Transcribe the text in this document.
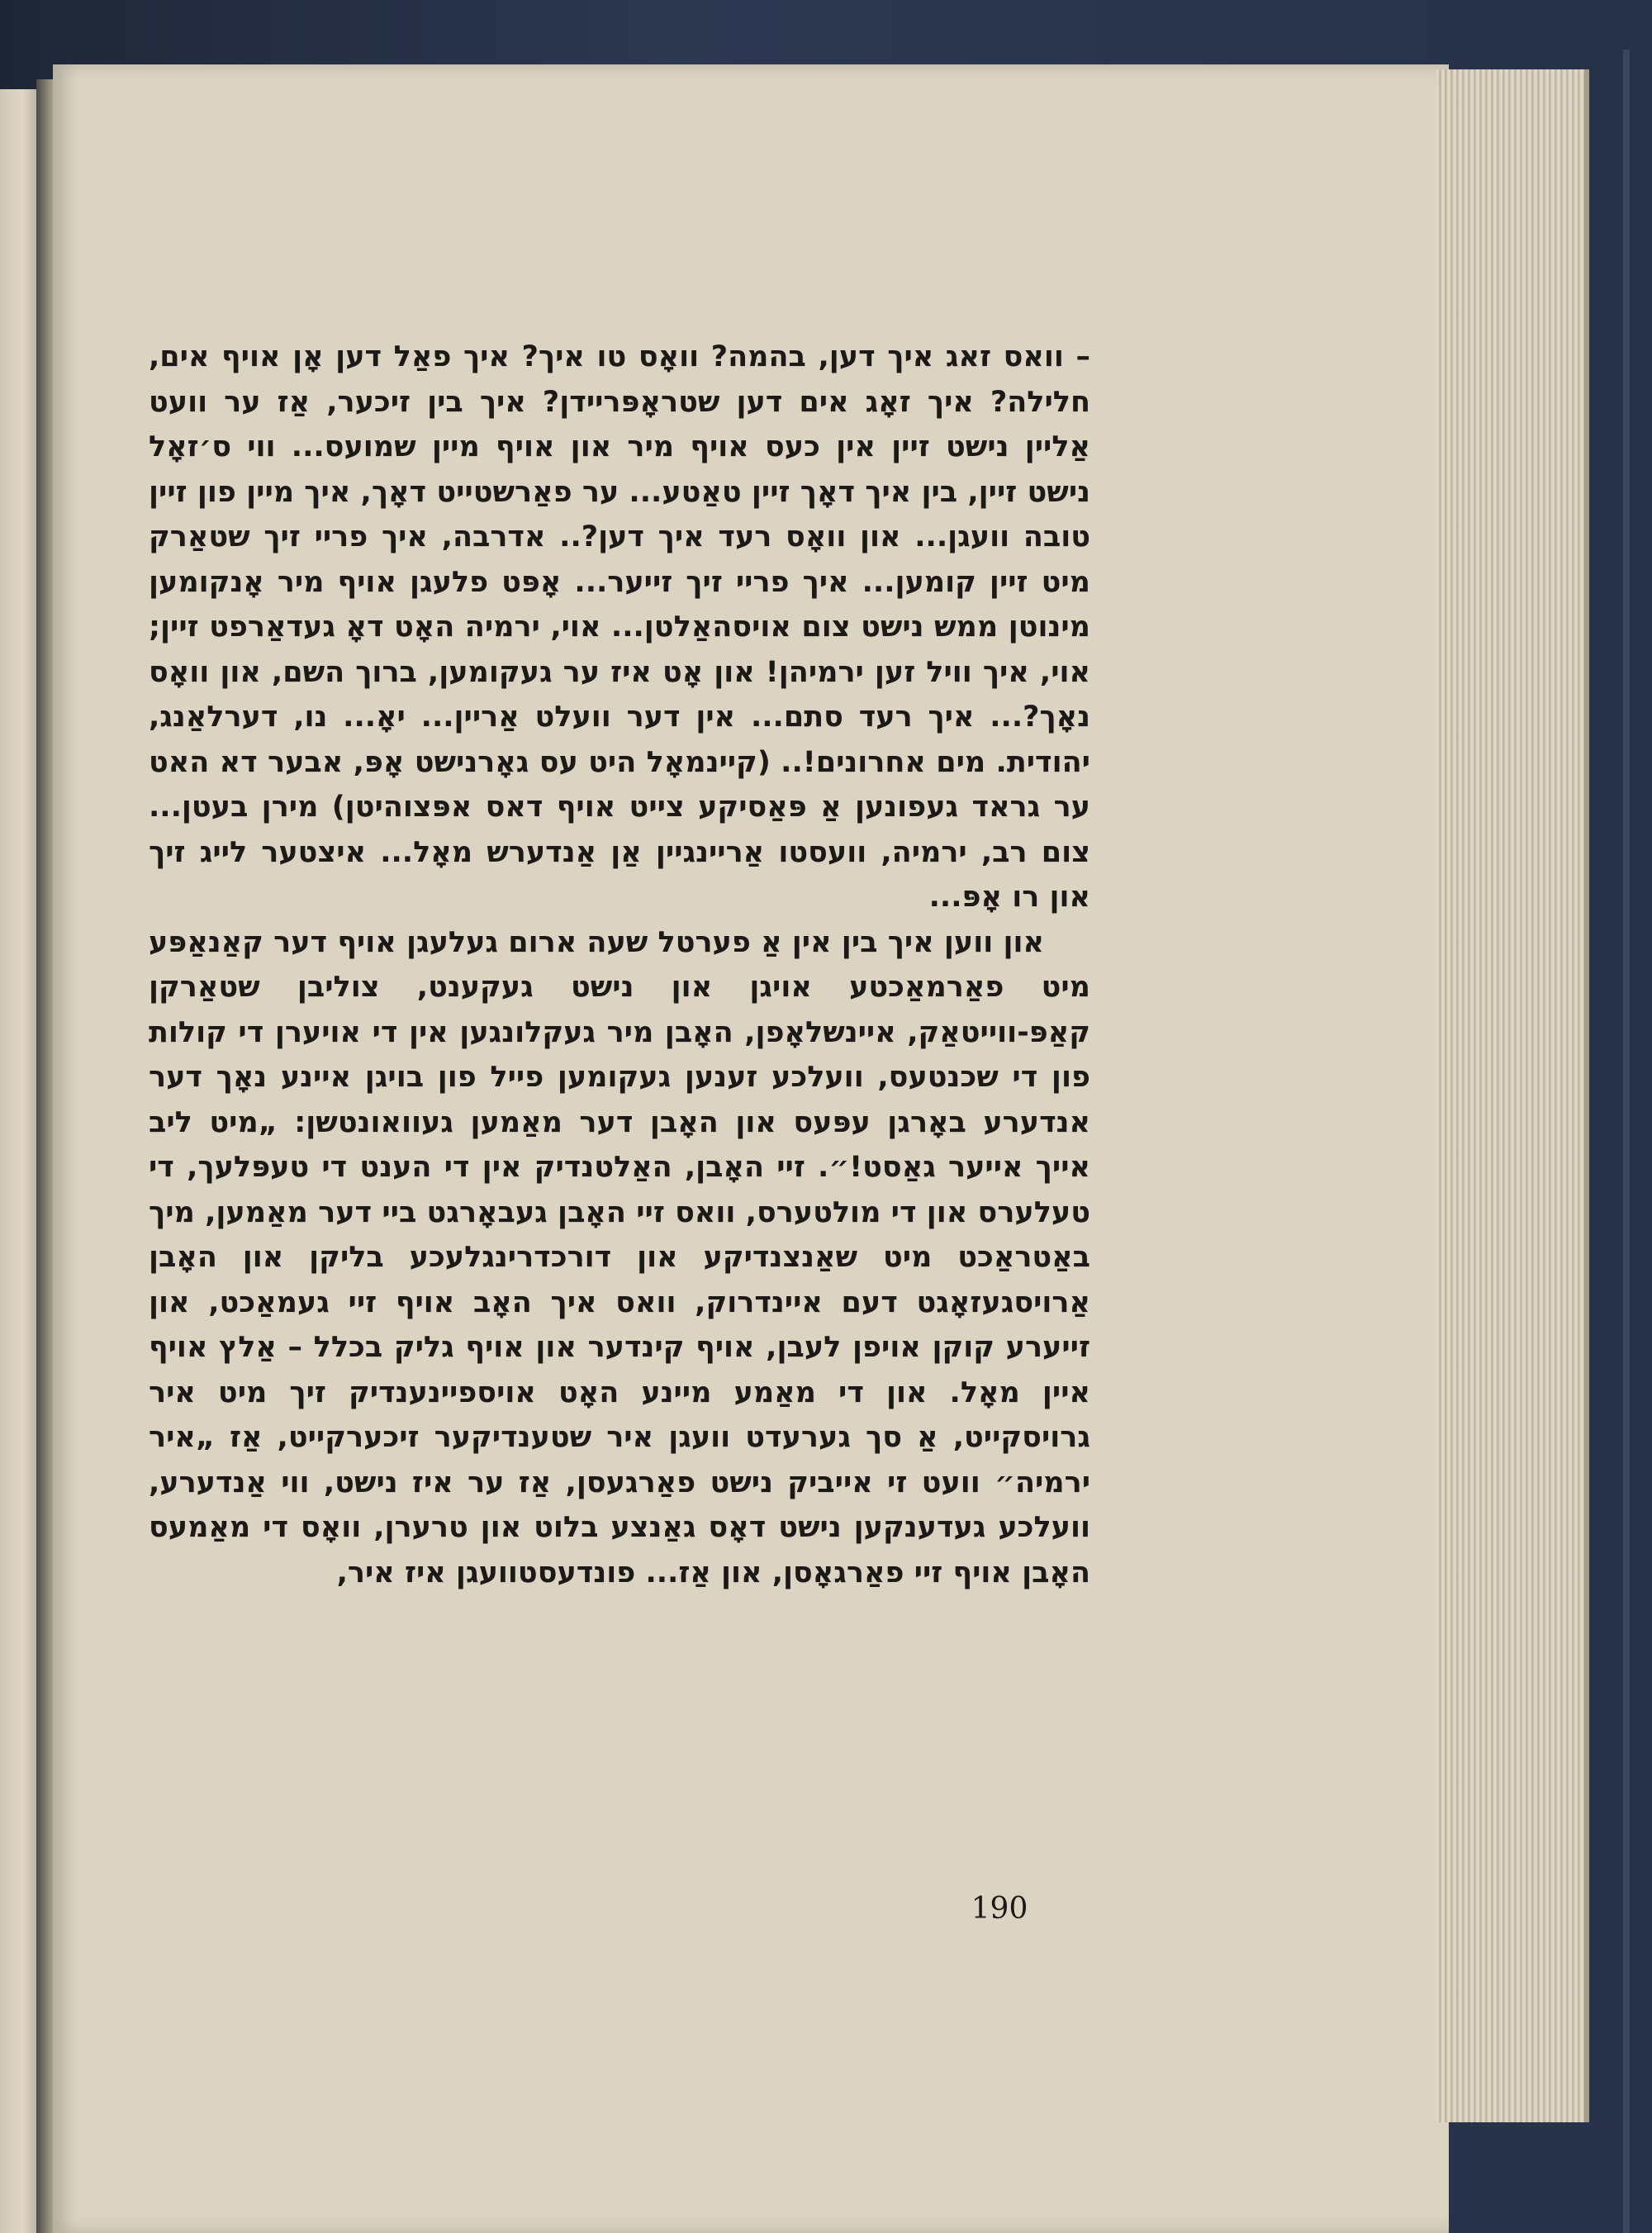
– וואס זאג איך דען, בהמה? וואָס טו איך? איך פאַל דען אָן אויף אים, חלילה? איך זאָג אים דען שטראָפּריידן? איך בין זיכער, אַז ער וועט אַליין נישט זיין אין כעס אויף מיר און אויף מיין שמועס... ווי ס׳זאָל נישט זיין, בין איך דאָך זיין טאַטע... ער פאַרשטייט דאָך, איך מיין פון זיין טובה וועגן... און וואָס רעד איך דען?.. אדרבה, איך פריי זיך שטאַרק מיט זיין קומען... איך פריי זיך זייער... אָפּט פלעגן אויף מיר אָנקומען מינוטן ממש נישט צום אויסהאַלטן... אוי, ירמיה האָט דאָ געדאַרפט זיין; אוי, איך וויל זען ירמיהן! און אָט איז ער געקומען, ברוך השם, און וואָס נאָך?... איך רעד סתם... אין דער וועלט אַריין... יאָ... נו, דערלאַנג, יהודית. מים אחרונים!.. (קיינמאָל היט עס גאָרנישט אָפּ, אבער דא האט ער גראד געפונען אַ פּאַסיקע צייט אויף דאס אפּצוהיטן) מירן בעטן... צום רב, ירמיה, וועסטו אַריינגיין אַן אַנדערש מאָל... איצטער לייג זיך און רו אָפּ...

און ווען איך בין אין אַ פערטל שעה ארום געלעגן אויף דער קאַנאַפּע מיט פאַרמאַכטע אויגן און נישט געקענט, צוליבן שטאַרקן קאַפּ-ווייטאַק, איינשלאָפן, האָבן מיר געקלונגען אין די אויערן די קולות פון די שכנטעס, וועלכע זענען געקומען פייל פון בויגן איינע נאָך דער אנדערע באָרגן עפּעס און האָבן דער מאַמען געוואונטשן: „מיט ליב אייך אייער גאַסט!״. זיי האָבן, האַלטנדיק אין די הענט די טעפּלעך, די טעלערס און די מולטערס, וואס זיי האָבן געבאָרגט ביי דער מאַמען, מיך באַטראַכט מיט שאַנצנדיקע און דורכדרינגלעכע בליקן און האָבן אַרויסגעזאָגט דעם איינדרוק, וואס איך האָב אויף זיי געמאַכט, און זייערע קוקן אויפן לעבן, אויף קינדער און אויף גליק בכלל – אַלץ אויף איין מאָל. און די מאַמע מיינע האָט אויספיינענדיק זיך מיט איר גרויסקייט, אַ סך גערעדט וועגן איר שטענדיקער זיכערקייט, אַז „איר ירמיה״ וועט זי אייביק נישט פאַרגעסן, אַז ער איז נישט, ווי אַנדערע, וועלכע געדענקען נישט דאָס גאַנצע בלוט און טרערן, וואָס די מאַמעס האָבן אויף זיי פאַרגאָסן, און אַז... פונדעסטוועגן איז איר,

190
